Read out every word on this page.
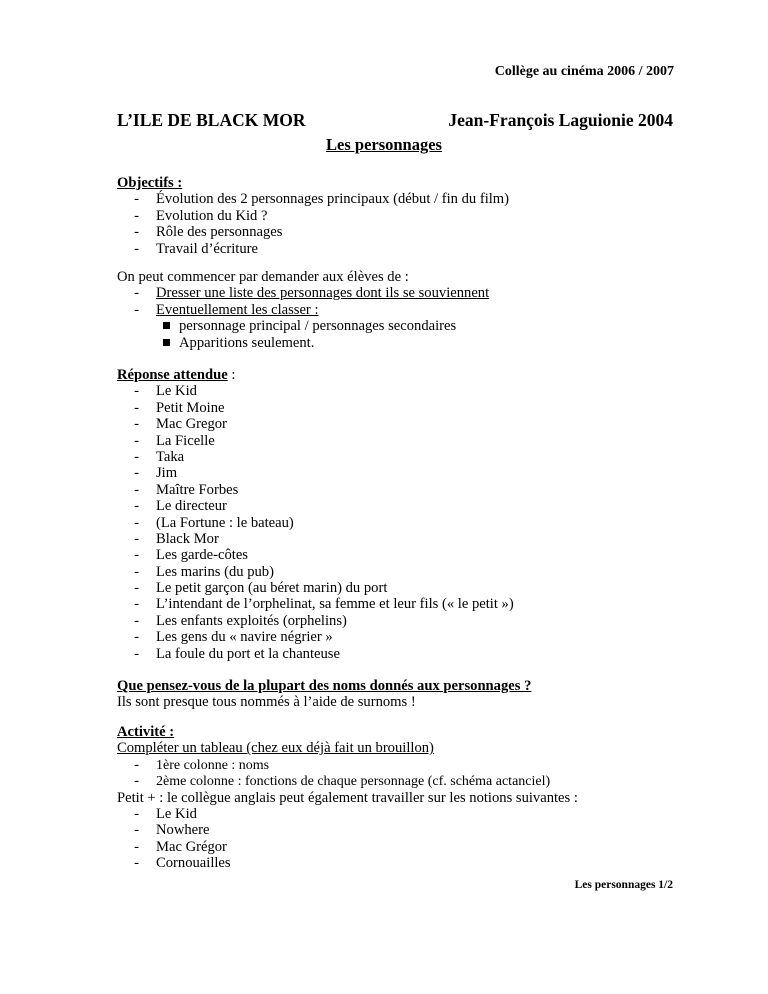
Collège au cinéma 2006 / 2007
L’ILE DE BLACK MOR	Jean-François Laguionie 2004
Les personnages
Objectifs :
- Évolution des 2 personnages principaux (début / fin du film)
- Evolution du Kid ?
- Rôle des personnages
- Travail d’écriture
On peut commencer par demander aux élèves de :
- Dresser une liste des personnages dont ils se souviennent
- Eventuellement les classer :
personnage principal / personnages secondaires
Apparitions seulement.
Réponse attendue :
- Le Kid
- Petit Moine
- Mac Gregor
- La Ficelle
- Taka
- Jim
- Maître Forbes
- Le directeur
- (La Fortune : le bateau)
- Black Mor
- Les garde-côtes
- Les marins (du pub)
- Le petit garçon (au béret marin) du port
- L’intendant de l’orphelinat, sa femme et leur fils (« le petit »)
- Les enfants exploités (orphelins)
- Les gens du « navire négrier »
- La foule du port et la chanteuse
Que pensez-vous de la plupart des noms donnés aux personnages ?
Ils sont presque tous nommés à l’aide de surnoms !
Activité :
Compléter un tableau (chez eux déjà fait un brouillon)
- 1ère colonne : noms
- 2ème colonne : fonctions de chaque personnage (cf. schéma actanciel)
Petit + : le collègue anglais peut également travailler sur les notions suivantes :
- Le Kid
- Nowhere
- Mac Grégor
- Cornouailles
Les personnages 1/2
